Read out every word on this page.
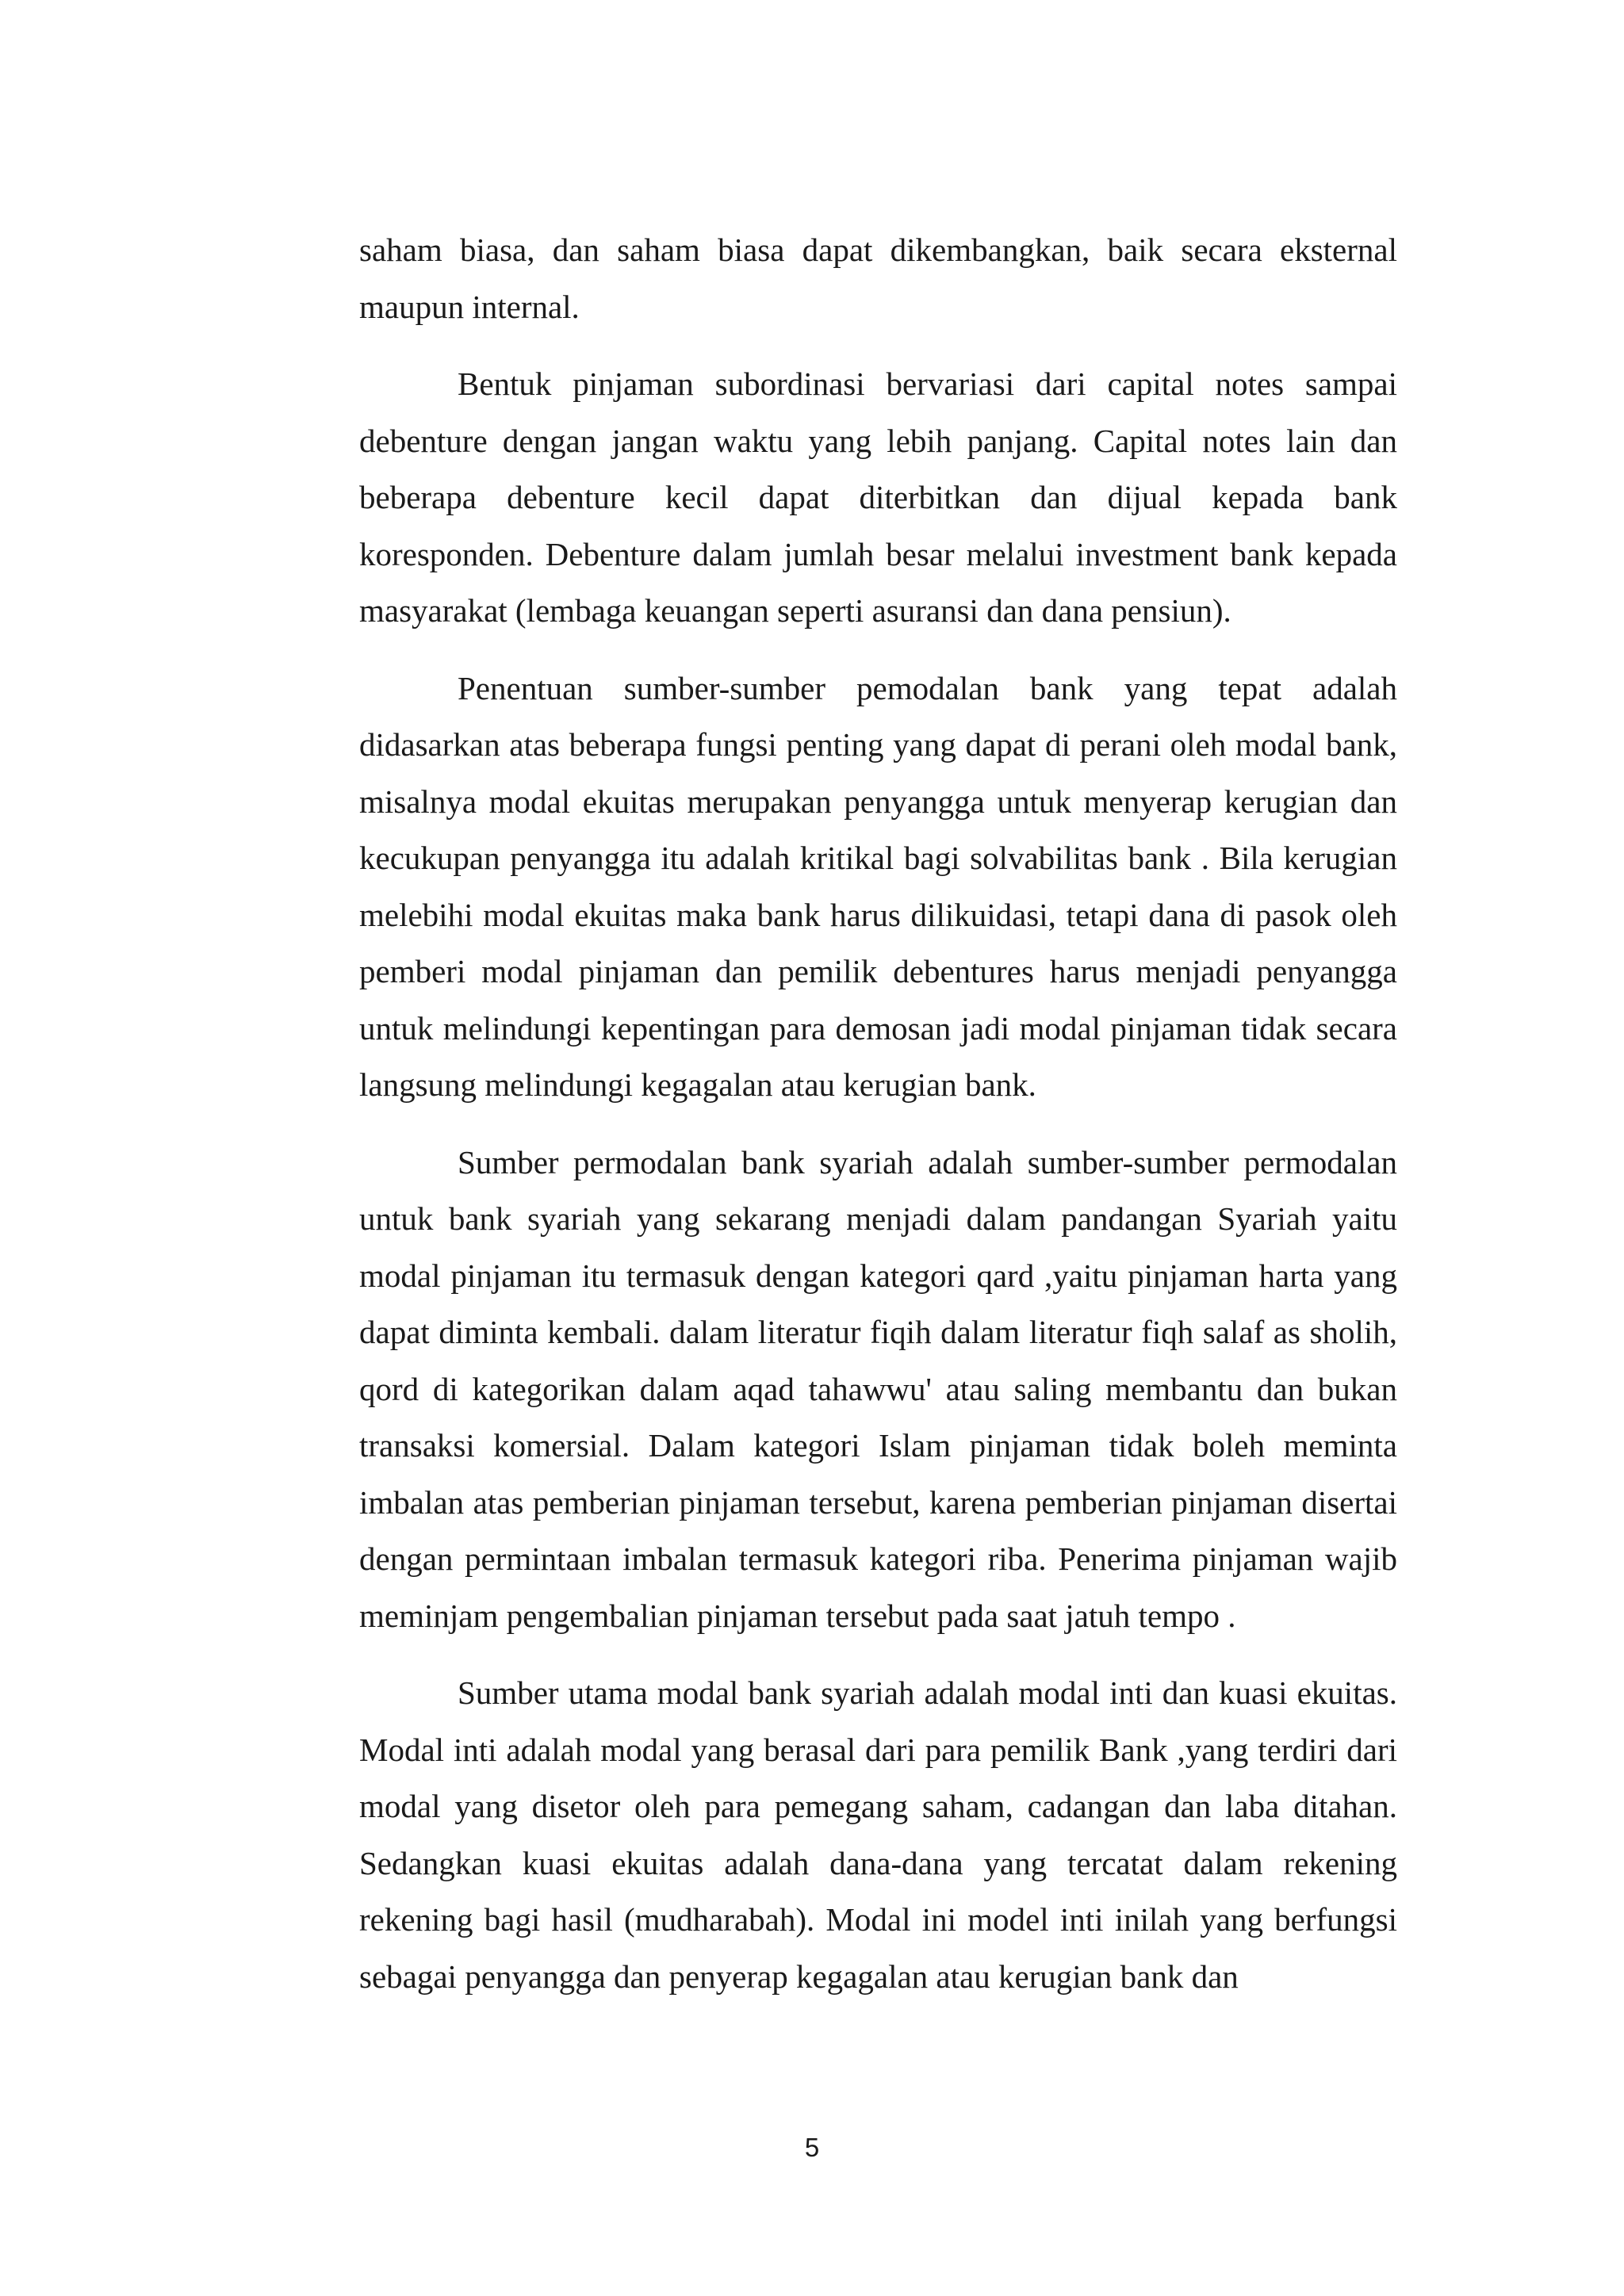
saham biasa, dan saham biasa dapat dikembangkan, baik secara eksternal maupun internal.

Bentuk pinjaman subordinasi bervariasi dari capital notes sampai debenture dengan jangan waktu yang lebih panjang. Capital notes lain dan beberapa debenture kecil dapat diterbitkan dan dijual kepada bank koresponden. Debenture dalam jumlah besar melalui investment bank kepada masyarakat (lembaga keuangan seperti asuransi dan dana pensiun).

Penentuan sumber-sumber pemodalan bank yang tepat adalah didasarkan atas beberapa fungsi penting yang dapat di perani oleh modal bank, misalnya modal ekuitas merupakan penyangga untuk menyerap kerugian dan kecukupan penyangga itu adalah kritikal bagi solvabilitas bank . Bila kerugian melebihi modal ekuitas maka bank harus dilikuidasi, tetapi dana di pasok oleh pemberi modal pinjaman dan pemilik debentures harus menjadi penyangga untuk melindungi kepentingan para demosan jadi modal pinjaman tidak secara langsung melindungi kegagalan atau kerugian bank.

Sumber permodalan bank syariah adalah sumber-sumber permodalan untuk bank syariah yang sekarang menjadi dalam pandangan Syariah yaitu modal pinjaman itu termasuk dengan kategori qard ,yaitu pinjaman harta yang dapat diminta kembali. dalam literatur fiqih dalam literatur fiqh salaf as sholih, qord di kategorikan dalam aqad tahawwu' atau saling membantu dan bukan transaksi komersial. Dalam kategori Islam pinjaman tidak boleh meminta imbalan atas pemberian pinjaman tersebut, karena pemberian pinjaman disertai dengan permintaan imbalan termasuk kategori riba. Penerima pinjaman wajib meminjam pengembalian pinjaman tersebut pada saat jatuh tempo .

Sumber utama modal bank syariah adalah modal inti dan kuasi ekuitas. Modal inti adalah modal yang berasal dari para pemilik Bank ,yang terdiri dari modal yang disetor oleh para pemegang saham, cadangan dan laba ditahan. Sedangkan kuasi ekuitas adalah dana-dana yang tercatat dalam rekening rekening bagi hasil (mudharabah). Modal ini model inti inilah yang berfungsi sebagai penyangga dan penyerap kegagalan atau kerugian bank dan

5
